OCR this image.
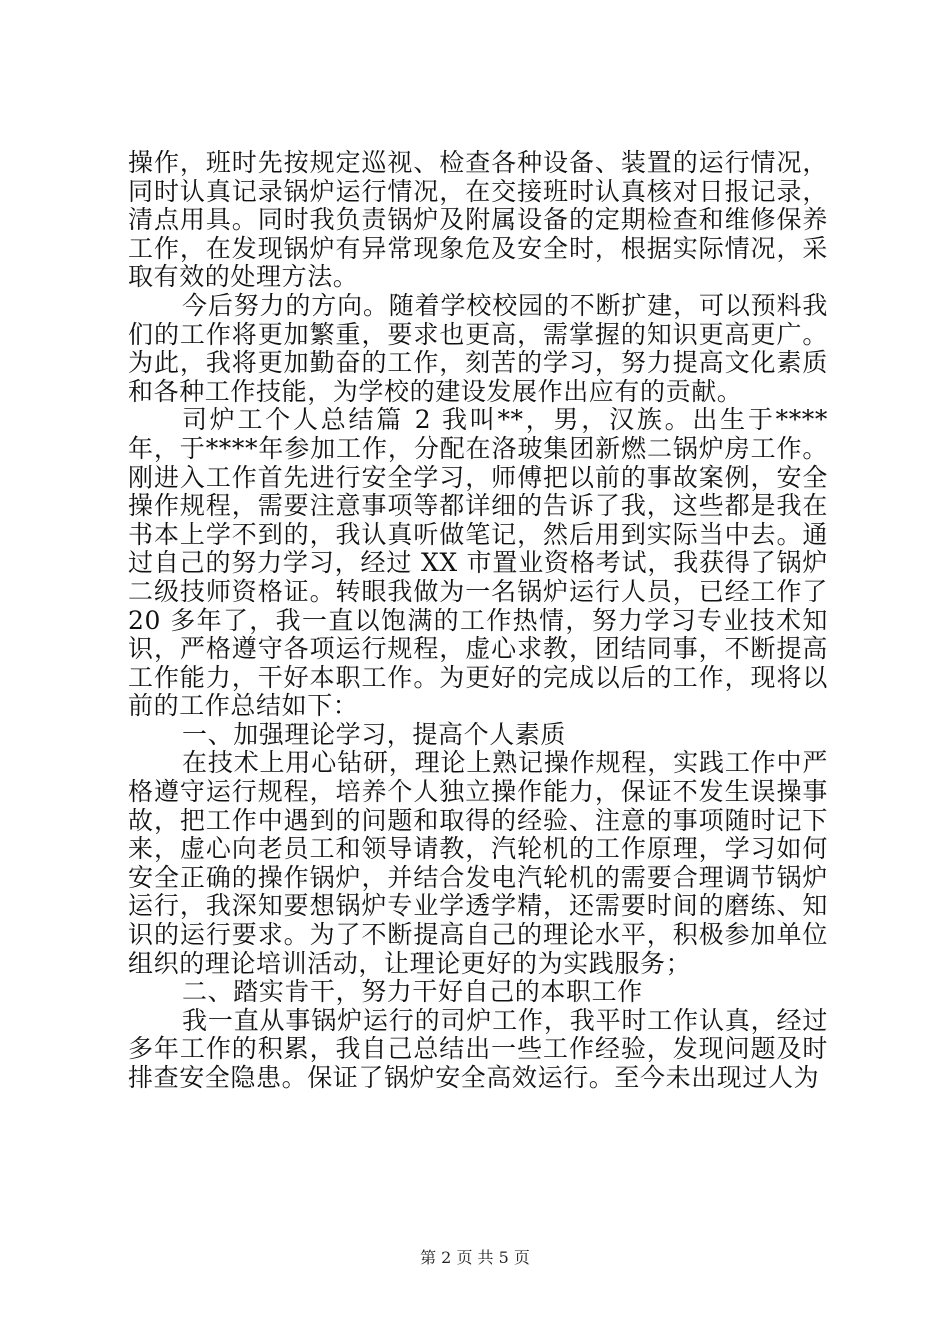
操作，班时先按规定巡视、检查各种设备、装置的运行情况，同时认真记录锅炉运行情况，在交接班时认真核对日报记录，清点用具。同时我负责锅炉及附属设备的定期检查和维修保养工作，在发现锅炉有异常现象危及安全时，根据实际情况，采取有效的处理方法。

今后努力的方向。随着学校校园的不断扩建，可以预料我们的工作将更加繁重，要求也更高，需掌握的知识更高更广。为此，我将更加勤奋的工作，刻苦的学习，努力提高文化素质和各种工作技能，为学校的建设发展作出应有的贡献。

司炉工个人总结篇 2 我叫**，男，汉族。出生于****年，于****年参加工作，分配在洛玻集团新燃二锅炉房工作。刚进入工作首先进行安全学习，师傅把以前的事故案例，安全操作规程，需要注意事项等都详细的告诉了我，这些都是我在书本上学不到的，我认真听做笔记，然后用到实际当中去。通过自己的努力学习，经过 XX 市置业资格考试，我获得了锅炉二级技师资格证。转眼我做为一名锅炉运行人员，已经工作了 20 多年了，我一直以饱满的工作热情，努力学习专业技术知识，严格遵守各项运行规程，虚心求教，团结同事，不断提高工作能力，干好本职工作。为更好的完成以后的工作，现将以前的工作总结如下：

一、加强理论学习，提高个人素质

在技术上用心钻研，理论上熟记操作规程，实践工作中严格遵守运行规程，培养个人独立操作能力，保证不发生误操事故，把工作中遇到的问题和取得的经验、注意的事项随时记下来，虚心向老员工和领导请教，汽轮机的工作原理，学习如何安全正确的操作锅炉，并结合发电汽轮机的需要合理调节锅炉运行，我深知要想锅炉专业学透学精，还需要时间的磨练、知识的运行要求。为了不断提高自己的理论水平，积极参加单位组织的理论培训活动，让理论更好的为实践服务；

二、踏实肯干，努力干好自己的本职工作

我一直从事锅炉运行的司炉工作，我平时工作认真，经过多年工作的积累，我自己总结出一些工作经验，发现问题及时排查安全隐患。保证了锅炉安全高效运行。至今未出现过人为

第 2 页 共 5 页
